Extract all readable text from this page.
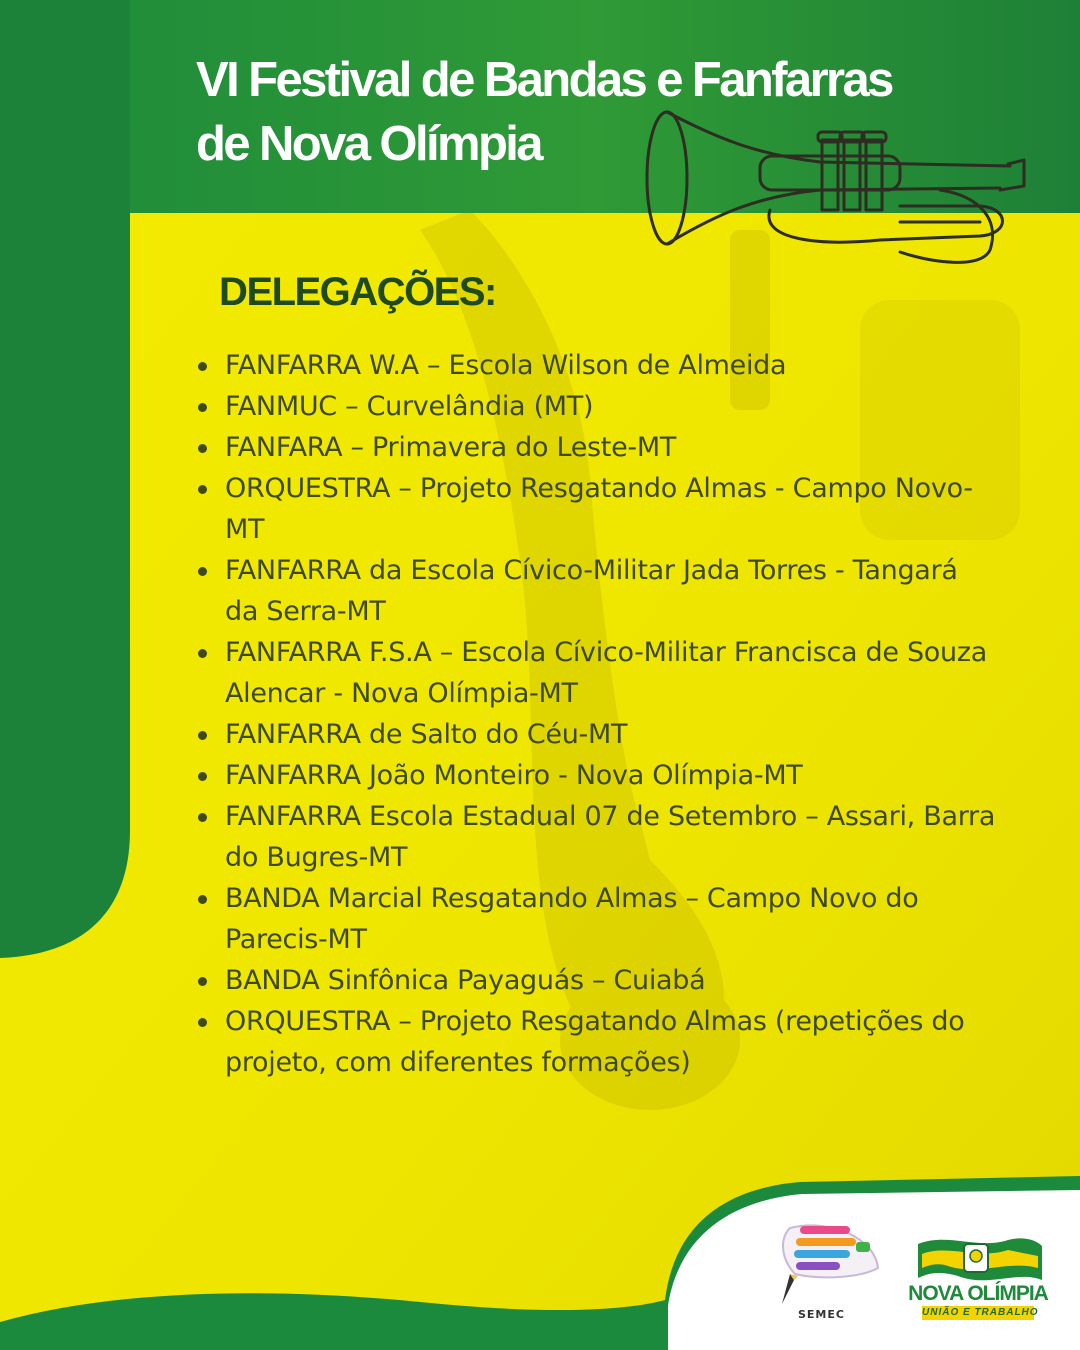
VI Festival de Bandas e Fanfarras
de Nova Olímpia
DELEGAÇÕES:
FANFARRA W.A – Escola Wilson de Almeida
FANMUC – Curvelândia (MT)
FANFARA – Primavera do Leste-MT
ORQUESTRA – Projeto Resgatando Almas - Campo Novo-MT
FANFARRA da Escola Cívico-Militar Jada Torres - Tangará da Serra-MT
FANFARRA F.S.A – Escola Cívico-Militar Francisca de Souza Alencar - Nova Olímpia-MT
FANFARRA de Salto do Céu-MT
FANFARRA João Monteiro - Nova Olímpia-MT
FANFARRA Escola Estadual 07 de Setembro – Assari, Barra do Bugres-MT
BANDA Marcial Resgatando Almas – Campo Novo do Parecis-MT
BANDA Sinfônica Payaguás – Cuiabá
ORQUESTRA – Projeto Resgatando Almas (repetições do projeto, com diferentes formações)
SEMEC
NOVA OLÍMPIA
UNIÃO E TRABALHO
